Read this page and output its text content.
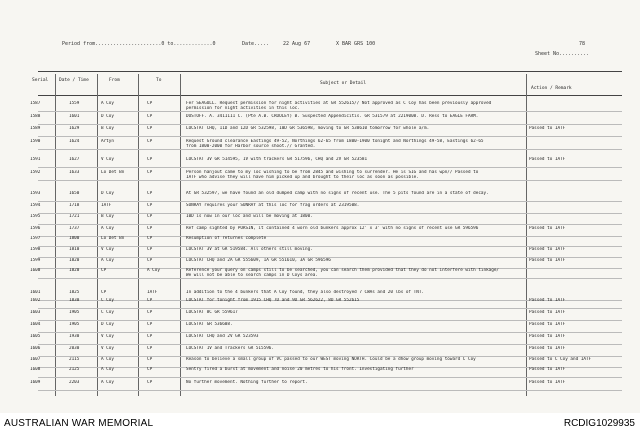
Period from......................0 to.............0	Date.....	22 Aug 67	X BAR GRS 100	78
Sheet No..........
Serial Date / Time	From	To
Subject or Detail
Action / Remark
1587	1559	A Coy	CP	Fer SEAGULL. Request permission for night activities at GR 552615// Not approved as C Coy has been previously approved
permission for night activities in this loc.
1588	1601	D Coy	CP	DUSTOFF. A. 3411111 C. (Pte A.B. CROOLEY) B. Suspected Appendicitis. GR 531579 at 2219008. D. Ress to EAGLE FARM.
1589	1629	B Coy	CP	LOCSTAT CHQ, 11D and 12D GR 532598, 10D GR 536598, moving to GR 538610 tomorrow for whole a/m.	Passed to 1ATF
1590	1624	Artyn	CP	Request Ground clearance Eastings 49-52, Northings 62-65 from 1800-1900 tonight and Northings 49-58, Eastings 62-65
from 1800-2000 for Harbor source shoot.// Granted.
1591	1627	V Coy	CP	LOCSTAT 3V GR 514595, 1V with trackers GR 517596, CHQ and 2V GR 523581	Passed to 1ATF
1592	1633	Lo Det Bn	CP	Person hanjout came to my loc wishing to be from 2845 and wishing to surrender. He is SIG and has wpn// Passed to
1ATF who advise they will have him picked up and brought to their loc as soon as possible.
1593	1650	D Coy	CP	At GR 532597, we have found an old dumped camp with no signs of recent use. The 5 pits found are in a state of decay.
1594	1718	1ATF	CP	SUNRAY requires your SUNRAY at this loc for frag orders at 2319508.
1595	1721	B Coy	CP	10D is now in our loc and will be moving at 1800.
1596	1737	A Coy	CP	Ref camp sighted by PORSIN, it contained 4 worn old bunkers approx 12' x 3' with no signs of recent use GR 596596	Passed to 1ATF
1597	1800	Lo Det Bn	CP	Resumption of returnes complete
1598	1810	V Coy	CP	LOCSTAT 3V at GR 519584. All others still moving.	Passed to 1ATF
1599	1820	A Coy	CP	LOCSTAT CHQ and 2A GR 555609, 1A GR 551610, 3A GR 596596	Passed to 1ATF
1600	1820	CP	A Coy	Reference your query on camps still to be searched, you can search them provided that they do not interfere with tinkage/
We will not be able to search camps in D Coys area.
1601	1825	CP	1ATF	In addition to the 4 bunkers that A Coy found, they also destroyed 7 CWAs and 20 lbs of TNT.
1602	1830	C Coy	CP	LOCSTAT for tonight from 1915 CHQ 7D and 9D GR 562622, 8D GR 552615	Passed to 1ATF
1603	1905	C Coy	CP	LOCSTAT 8C GR 559617	Passed to 1ATF
1604	1905	D Coy	CP	LOCSTAT GR 536608.	Passed to 1ATF
1605	1930	V Coy	CP	LOCSTAT CHQ and 2V GR 523593	Passed to 1ATF
1606	2030	V Coy	CP	LOCSTAT 1V and Trackers GR 515596.	Passed to 1ATF
1607	2115	A Coy	CP	Reason to believe a small group of VC passed to our WEST moving NORTH. Could be a dhow group moving toward C Coy	Passed to C Coy and 1ATF
1608	2125	A Coy	CP	Sentry fired a burst at movement and noise 20 metres to his front. Investigating further	Passed to 1ATF
1609	2203	A Coy	CP	No further movement. Nothing further to report.	Passed to 1ATF
AUSTRALIAN WAR MEMORIAL	RCDIG1029935
